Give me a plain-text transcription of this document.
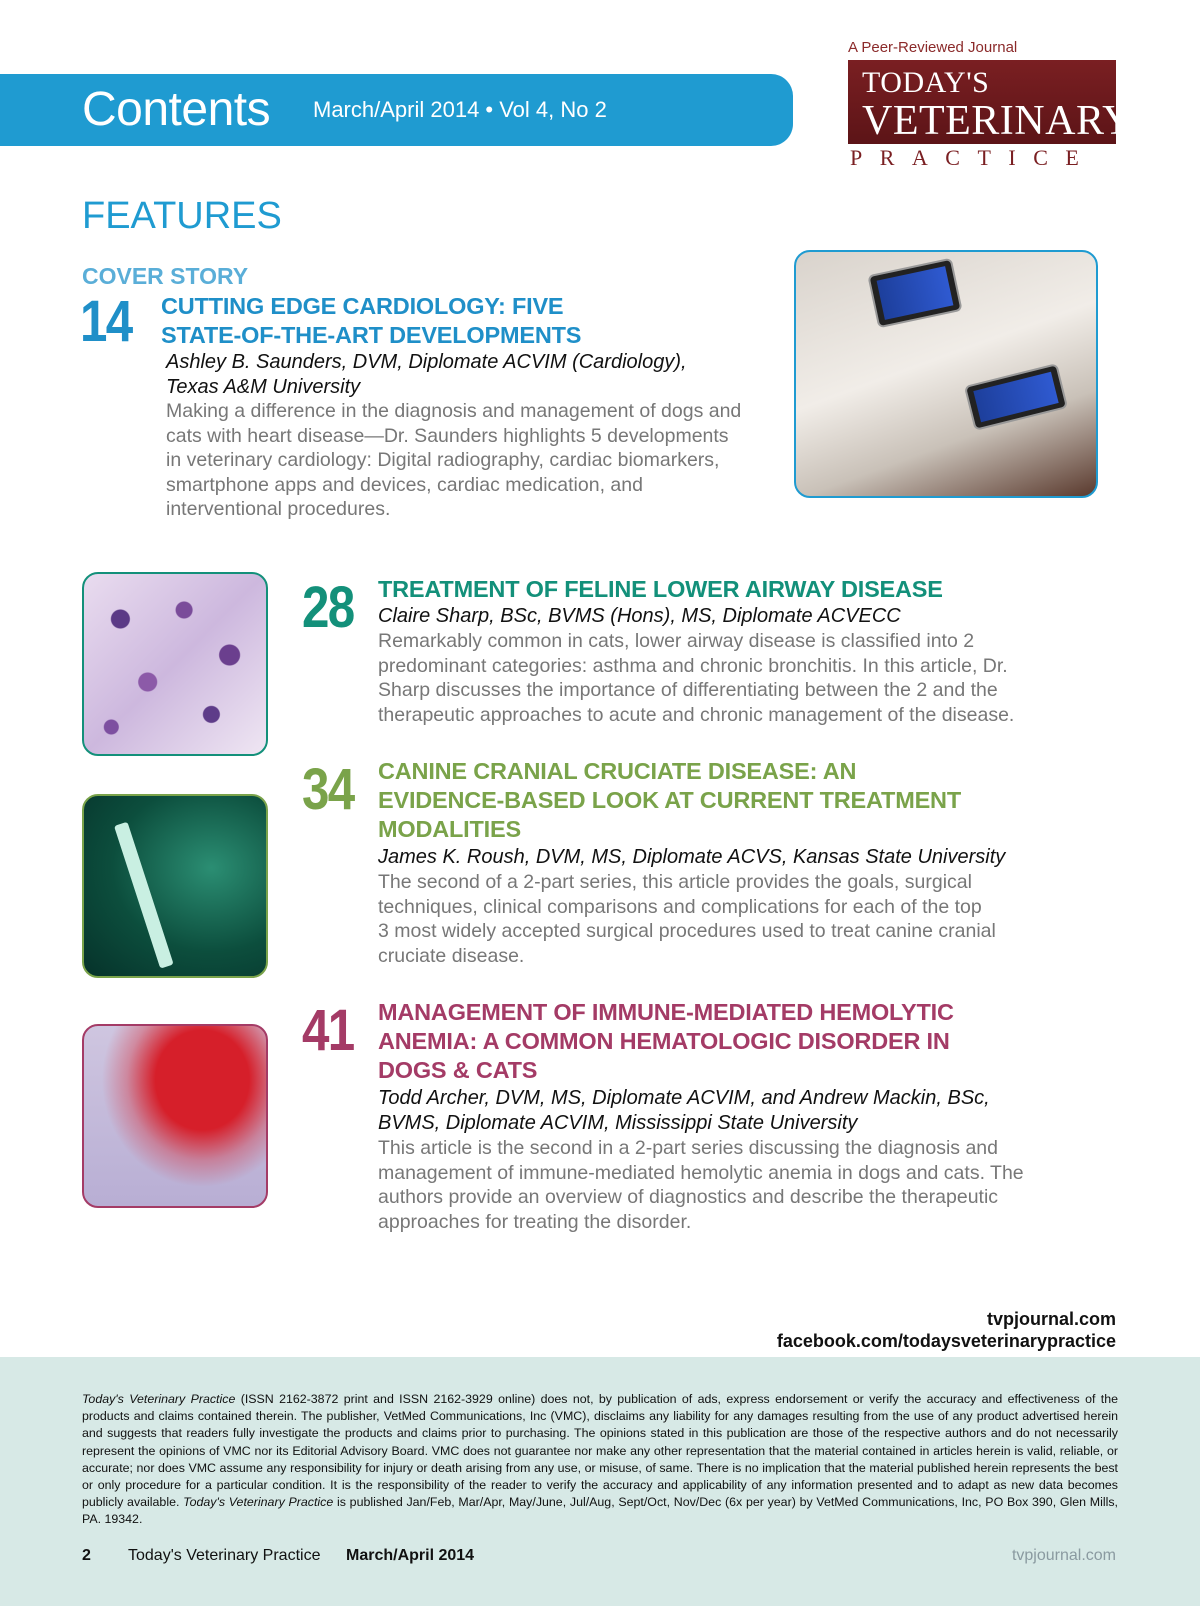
Contents March/April 2014 • Vol 4, No 2
A Peer-Reviewed Journal
TODAY'S
VETERINARY
PRACTICE
FEATURES
COVER STORY
14 CUTTING EDGE CARDIOLOGY: FIVE
STATE-OF-THE-ART DEVELOPMENTS
Ashley B. Saunders, DVM, Diplomate ACVIM (Cardiology),
Texas A&M University
Making a difference in the diagnosis and management of dogs and
cats with heart disease—Dr. Saunders highlights 5 developments
in veterinary cardiology: Digital radiography, cardiac biomarkers,
smartphone apps and devices, cardiac medication, and
interventional procedures.
28 TREATMENT OF FELINE LOWER AIRWAY DISEASE
Claire Sharp, BSc, BVMS (Hons), MS, Diplomate ACVECC
Remarkably common in cats, lower airway disease is classified into 2
predominant categories: asthma and chronic bronchitis. In this article, Dr.
Sharp discusses the importance of differentiating between the 2 and the
therapeutic approaches to acute and chronic management of the disease.
34 CANINE CRANIAL CRUCIATE DISEASE: AN
EVIDENCE-BASED LOOK AT CURRENT TREATMENT
MODALITIES
James K. Roush, DVM, MS, Diplomate ACVS, Kansas State University
The second of a 2-part series, this article provides the goals, surgical
techniques, clinical comparisons and complications for each of the top
3 most widely accepted surgical procedures used to treat canine cranial
cruciate disease.
41 MANAGEMENT OF IMMUNE-MEDIATED HEMOLYTIC
ANEMIA: A COMMON HEMATOLOGIC DISORDER IN
DOGS & CATS
Todd Archer, DVM, MS, Diplomate ACVIM, and Andrew Mackin, BSc,
BVMS, Diplomate ACVIM, Mississippi State University
This article is the second in a 2-part series discussing the diagnosis and
management of immune-mediated hemolytic anemia in dogs and cats. The
authors provide an overview of diagnostics and describe the therapeutic
approaches for treating the disorder.
tvpjournal.com
facebook.com/todaysveterinarypractice
Today's Veterinary Practice (ISSN 2162-3872 print and ISSN 2162-3929 online) does not, by publication of ads, express endorsement or verify the accuracy and effectiveness of the products and claims contained therein. The publisher, VetMed Communications, Inc (VMC), disclaims any liability for any damages resulting from the use of any product advertised herein and suggests that readers fully investigate the products and claims prior to purchasing. The opinions stated in this publication are those of the respective authors and do not necessarily represent the opinions of VMC nor its Editorial Advisory Board. VMC does not guarantee nor make any other representation that the material contained in articles herein is valid, reliable, or accurate; nor does VMC assume any responsibility for injury or death arising from any use, or misuse, of same. There is no implication that the material published herein represents the best or only procedure for a particular condition. It is the responsibility of the reader to verify the accuracy and applicability of any information presented and to adapt as new data becomes publicly available. Today's Veterinary Practice is published Jan/Feb, Mar/Apr, May/June, Jul/Aug, Sept/Oct, Nov/Dec (6x per year) by VetMed Communications, Inc, PO Box 390, Glen Mills, PA. 19342.
2 Today's Veterinary Practice March/April 2014	tvpjournal.com
